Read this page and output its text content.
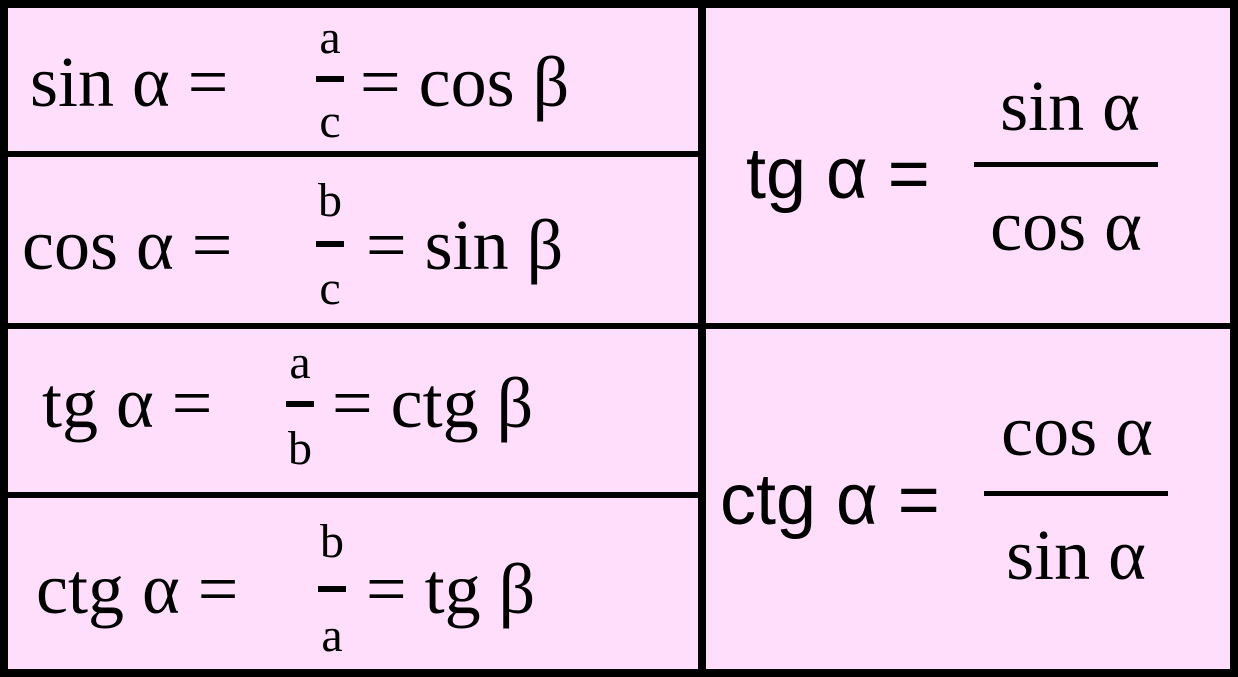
sin α =
a
c = cos β
cos α =
b
c
= sin β
tg α =
a
b
= ctg β
ctg α =
b
a
= tg β
tg α =
sin α
cos α
ctg α =
cos α
sin α
